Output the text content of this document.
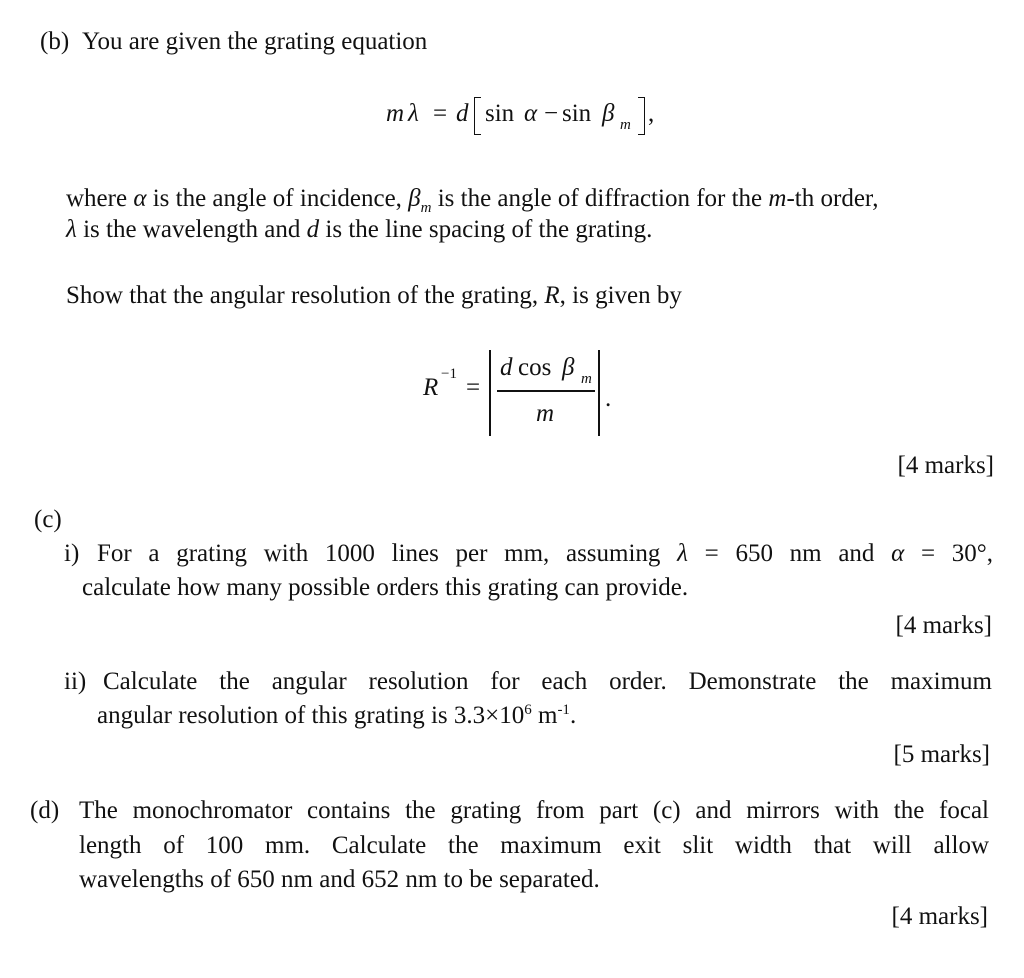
(b) You are given the grating equation
m λ = d sin α − sin β m ,
where α is the angle of incidence, $\beta_m$ is the angle of diffraction for the m-th order,
λ is the wavelength and d is the line spacing of the grating.
Show that the angular resolution of the grating, R, is given by
R −1 =
d cos β m
m
.
[4 marks]
(c)
i) For a grating with 1000 lines per mm, assuming λ = 650 nm and α = 30°,
calculate how many possible orders this grating can provide.
[4 marks]
ii) Calculate the angular resolution for each order. Demonstrate the maximum
angular resolution of this grating is $3.3\times 10^6$ $m^{-1}$.
[5 marks]
(d) The monochromator contains the grating from part (c) and mirrors with the focal
length of 100 mm. Calculate the maximum exit slit width that will allow
wavelengths of 650 nm and 652 nm to be separated.
[4 marks]
